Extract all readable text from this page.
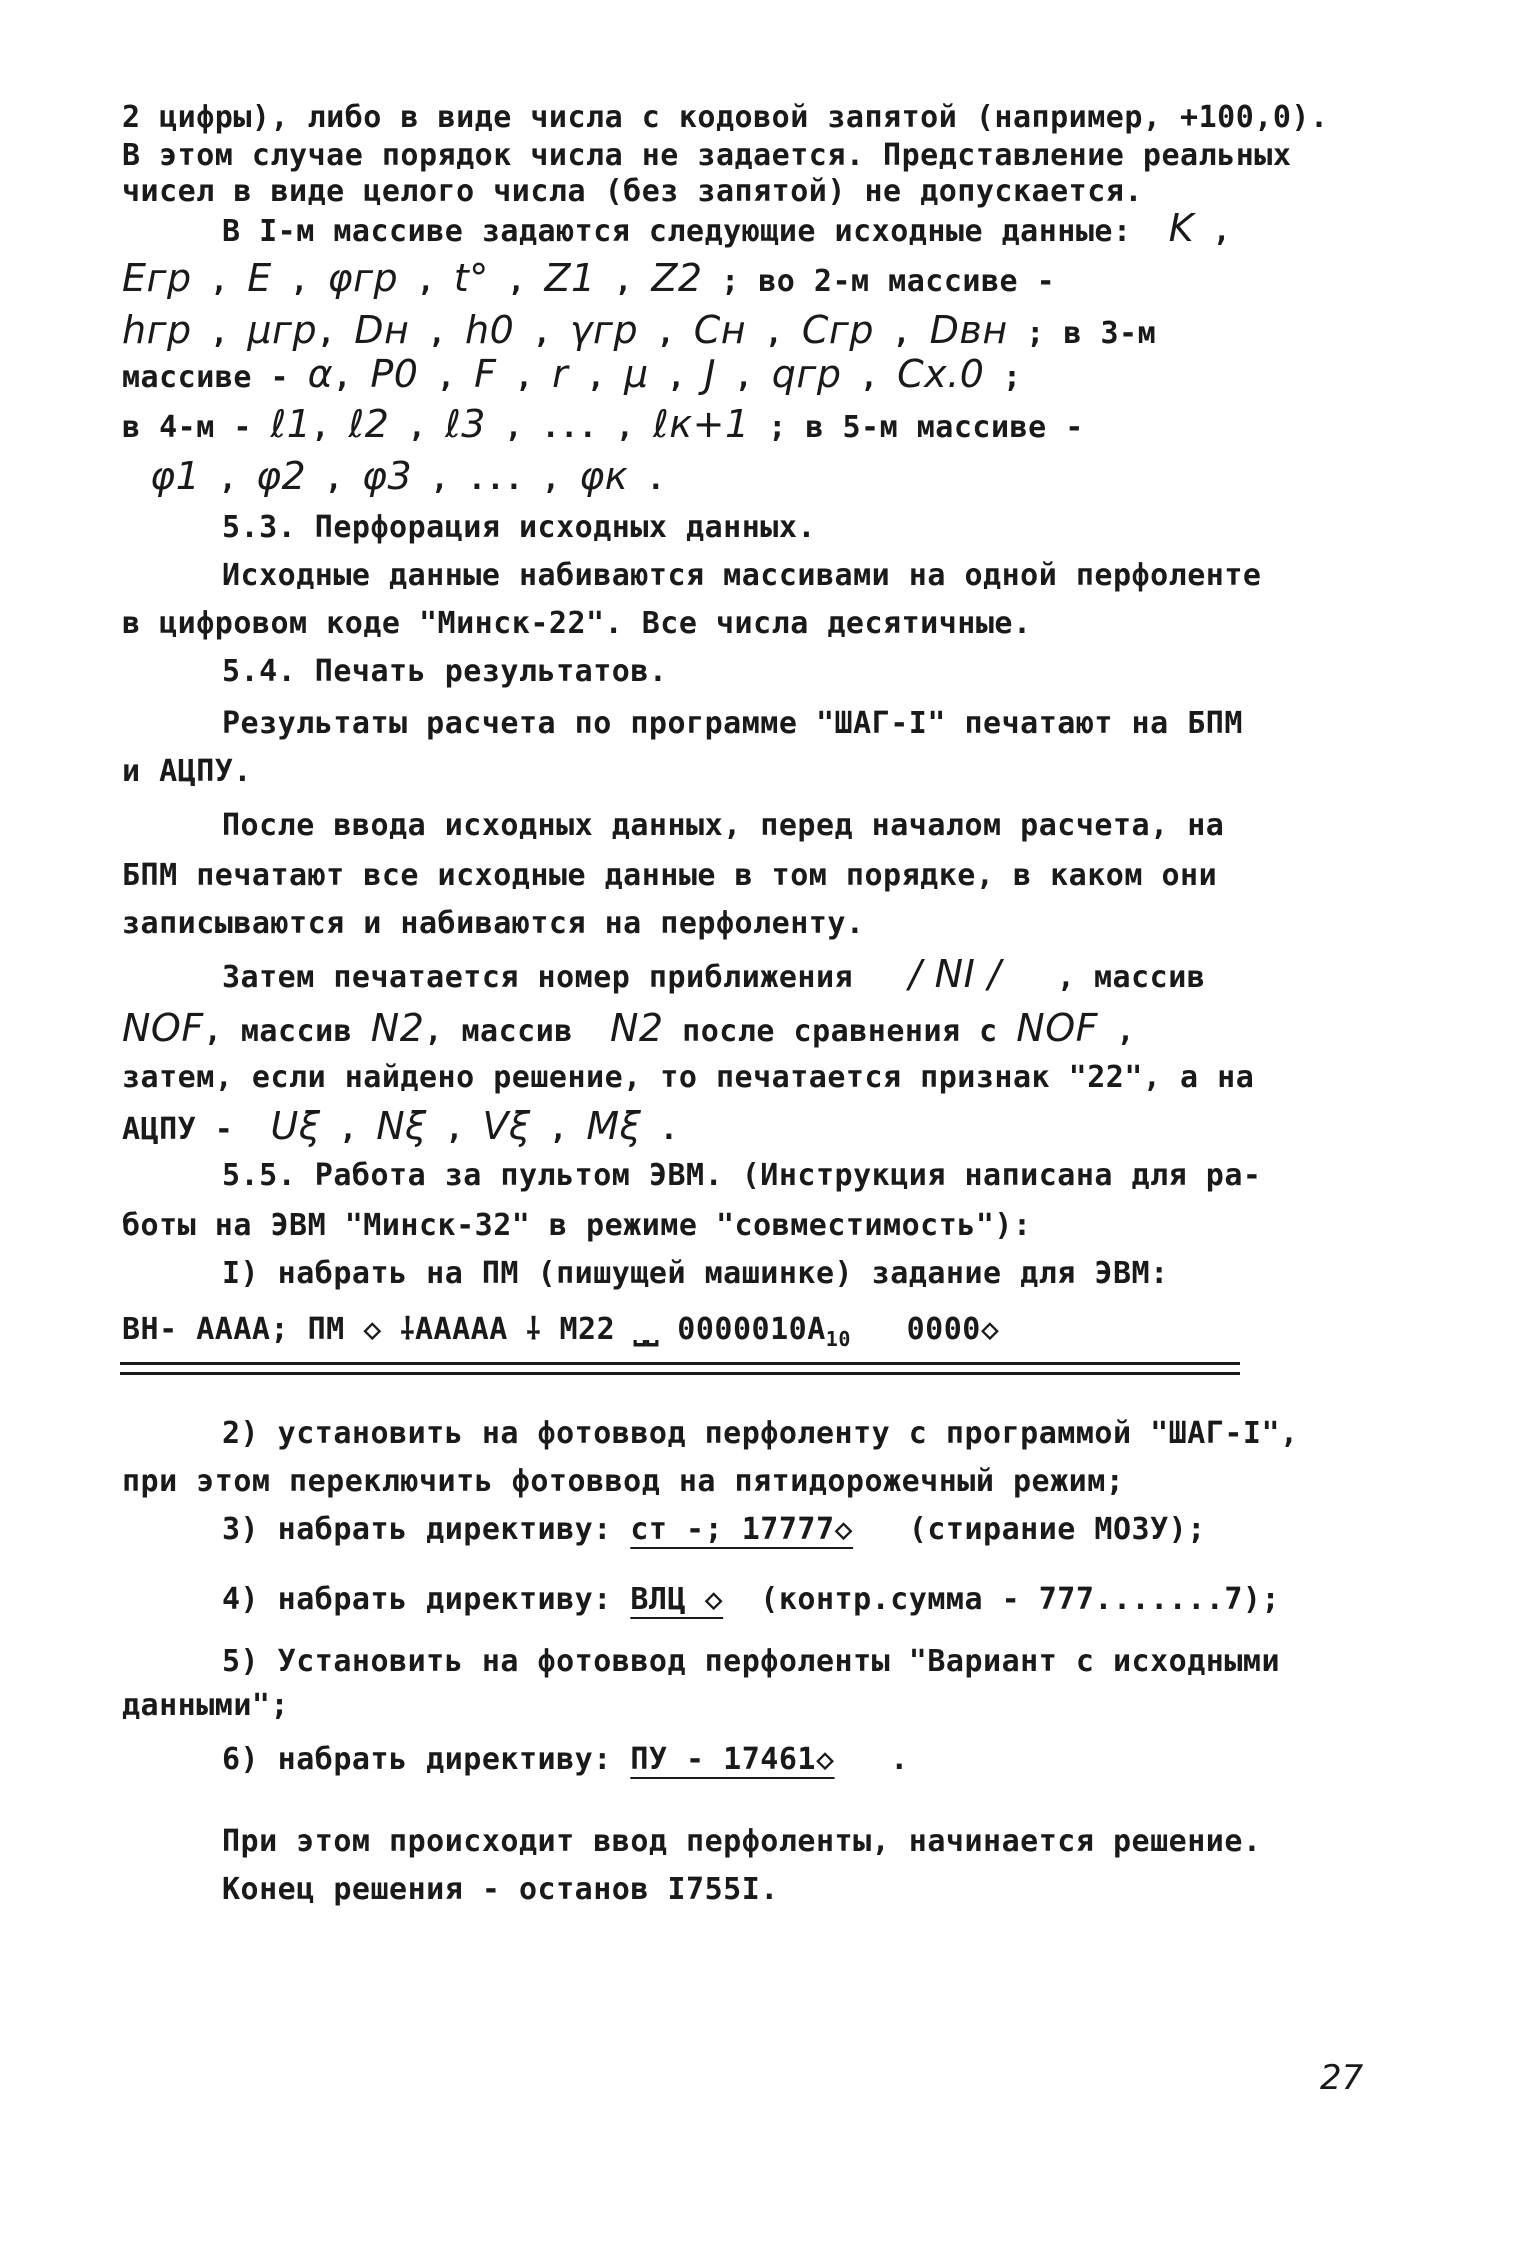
2 цифры), либо в виде числа с кодовой запятой (например, +100,0).
В этом случае порядок числа не задается. Представление реальных
чисел в виде целого числа (без запятой) не допускается.
В I-м массиве задаются следующие исходные данные: K ,
Eгр , E , φгр , t° , Z1 , Z2 ; во 2-м массиве -
hгр , μгр, Dн , h0 , γгр , Cн , Cгр , Dвн ; в 3-м
массиве - α, P0 , F , r , μ , J , qгр , Cx.0 ;
в 4-м - ℓ1, ℓ2 , ℓ3 , ... , ℓк+1 ; в 5-м массиве -
φ1 , φ2 , φ3 , ... , φк .
5.3. Перфорация исходных данных.
Исходные данные набиваются массивами на одной перфоленте
в цифровом коде "Минск-22". Все числа десятичные.
5.4. Печать результатов.
Результаты расчета по программе "ШАГ-I" печатают на БПМ
и АЦПУ.
После ввода исходных данных, перед началом расчета, на
БПМ печатают все исходные данные в том порядке, в каком они
записываются и набиваются на перфоленту.
Затем печатается номер приближения / NI / , массив
NOF, массив N2, массив N2 после сравнения с NOF ,
затем, если найдено решение, то печатается признак "22", а на
АЦПУ - Uξ , Nξ , Vξ , Mξ .
5.5. Работа за пультом ЭВМ. (Инструкция написана для ра-
боты на ЭВМ "Минск-32" в режиме "совместимость"):
I) набрать на ПМ (пишущей машинке) задание для ЭВМ:
ВН- АААА; ПМ ◇ ⸸АААAА ⸸ М22 ⎵⎵ $0000010A_{10}$ 0000◇
2) установить на фотоввод перфоленту с программой "ШАГ-I",
при этом переключить фотоввод на пятидорожечный режим;
3) набрать директиву: ст -; 17777◇ (стирание МОЗУ);
4) набрать директиву: ВЛЦ ◇ (контр.сумма - 777.......7);
5) Установить на фотоввод перфоленты "Вариант с исходными
данными";
6) набрать директиву: ПУ - 17461◇   .
При этом происходит ввод перфоленты, начинается решение.
Конец решения - останов I755I.
27
